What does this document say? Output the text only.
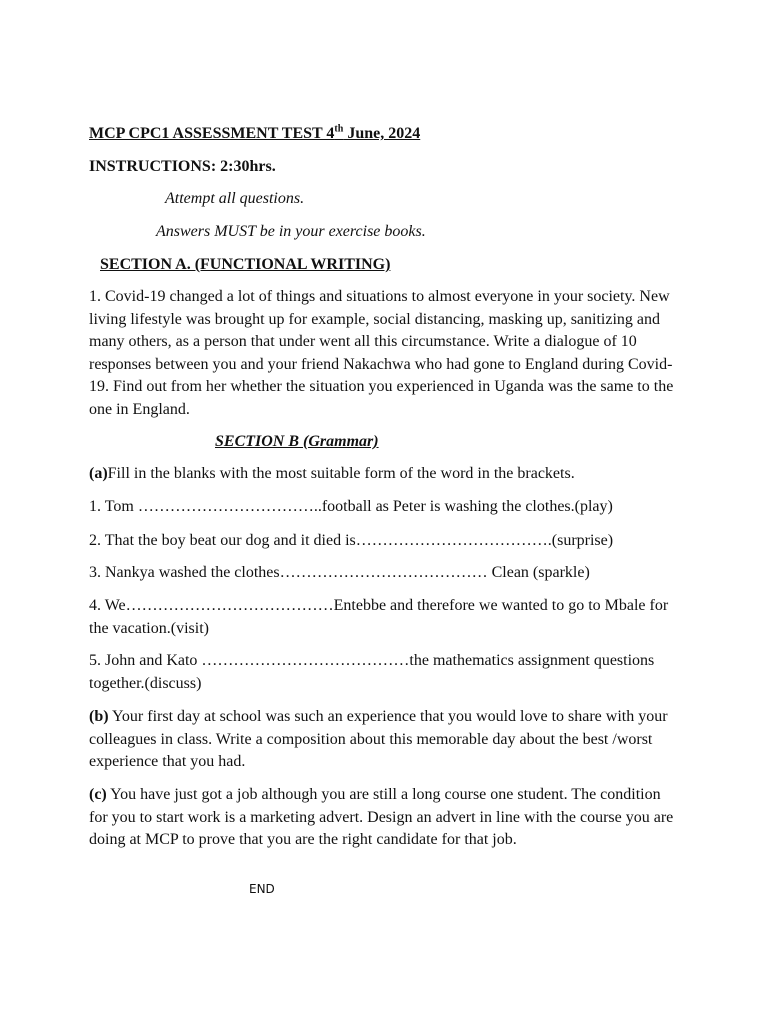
MCP CPC1 ASSESSMENT TEST 4th June, 2024
INSTRUCTIONS: 2:30hrs.
Attempt all questions.
Answers MUST be in your exercise books.
SECTION A. (FUNCTIONAL WRITING)

1. Covid-19 changed a lot of things and situations to almost everyone in your society. New living lifestyle was brought up for example, social distancing, masking up, sanitizing and many others, as a person that under went all this circumstance. Write a dialogue of 10 responses between you and your friend Nakachwa who had gone to England during Covid-19. Find out from her whether the situation you experienced in Uganda was the same to the one in England.

SECTION B (Grammar)
(a)Fill in the blanks with the most suitable form of the word in the brackets.
1. Tom ……………………………..football as Peter is washing the clothes.(play)
2. That the boy beat our dog and it died is……………………………….(surprise)
3. Nankya washed the clothes………………………………… Clean (sparkle)

4. We…………………………………Entebbe and therefore we wanted to go to Mbale for the vacation.(visit)

5. John and Kato …………………………………the mathematics assignment questions together.(discuss)

(b) Your first day at school was such an experience that you would love to share with your colleagues in class. Write a composition about this memorable day about the best /worst experience that you had.

(c) You have just got a job although you are still a long course one student. The condition for you to start work is a marketing advert. Design an advert in line with the course you are doing at MCP to prove that you are the right candidate for that job.

END
